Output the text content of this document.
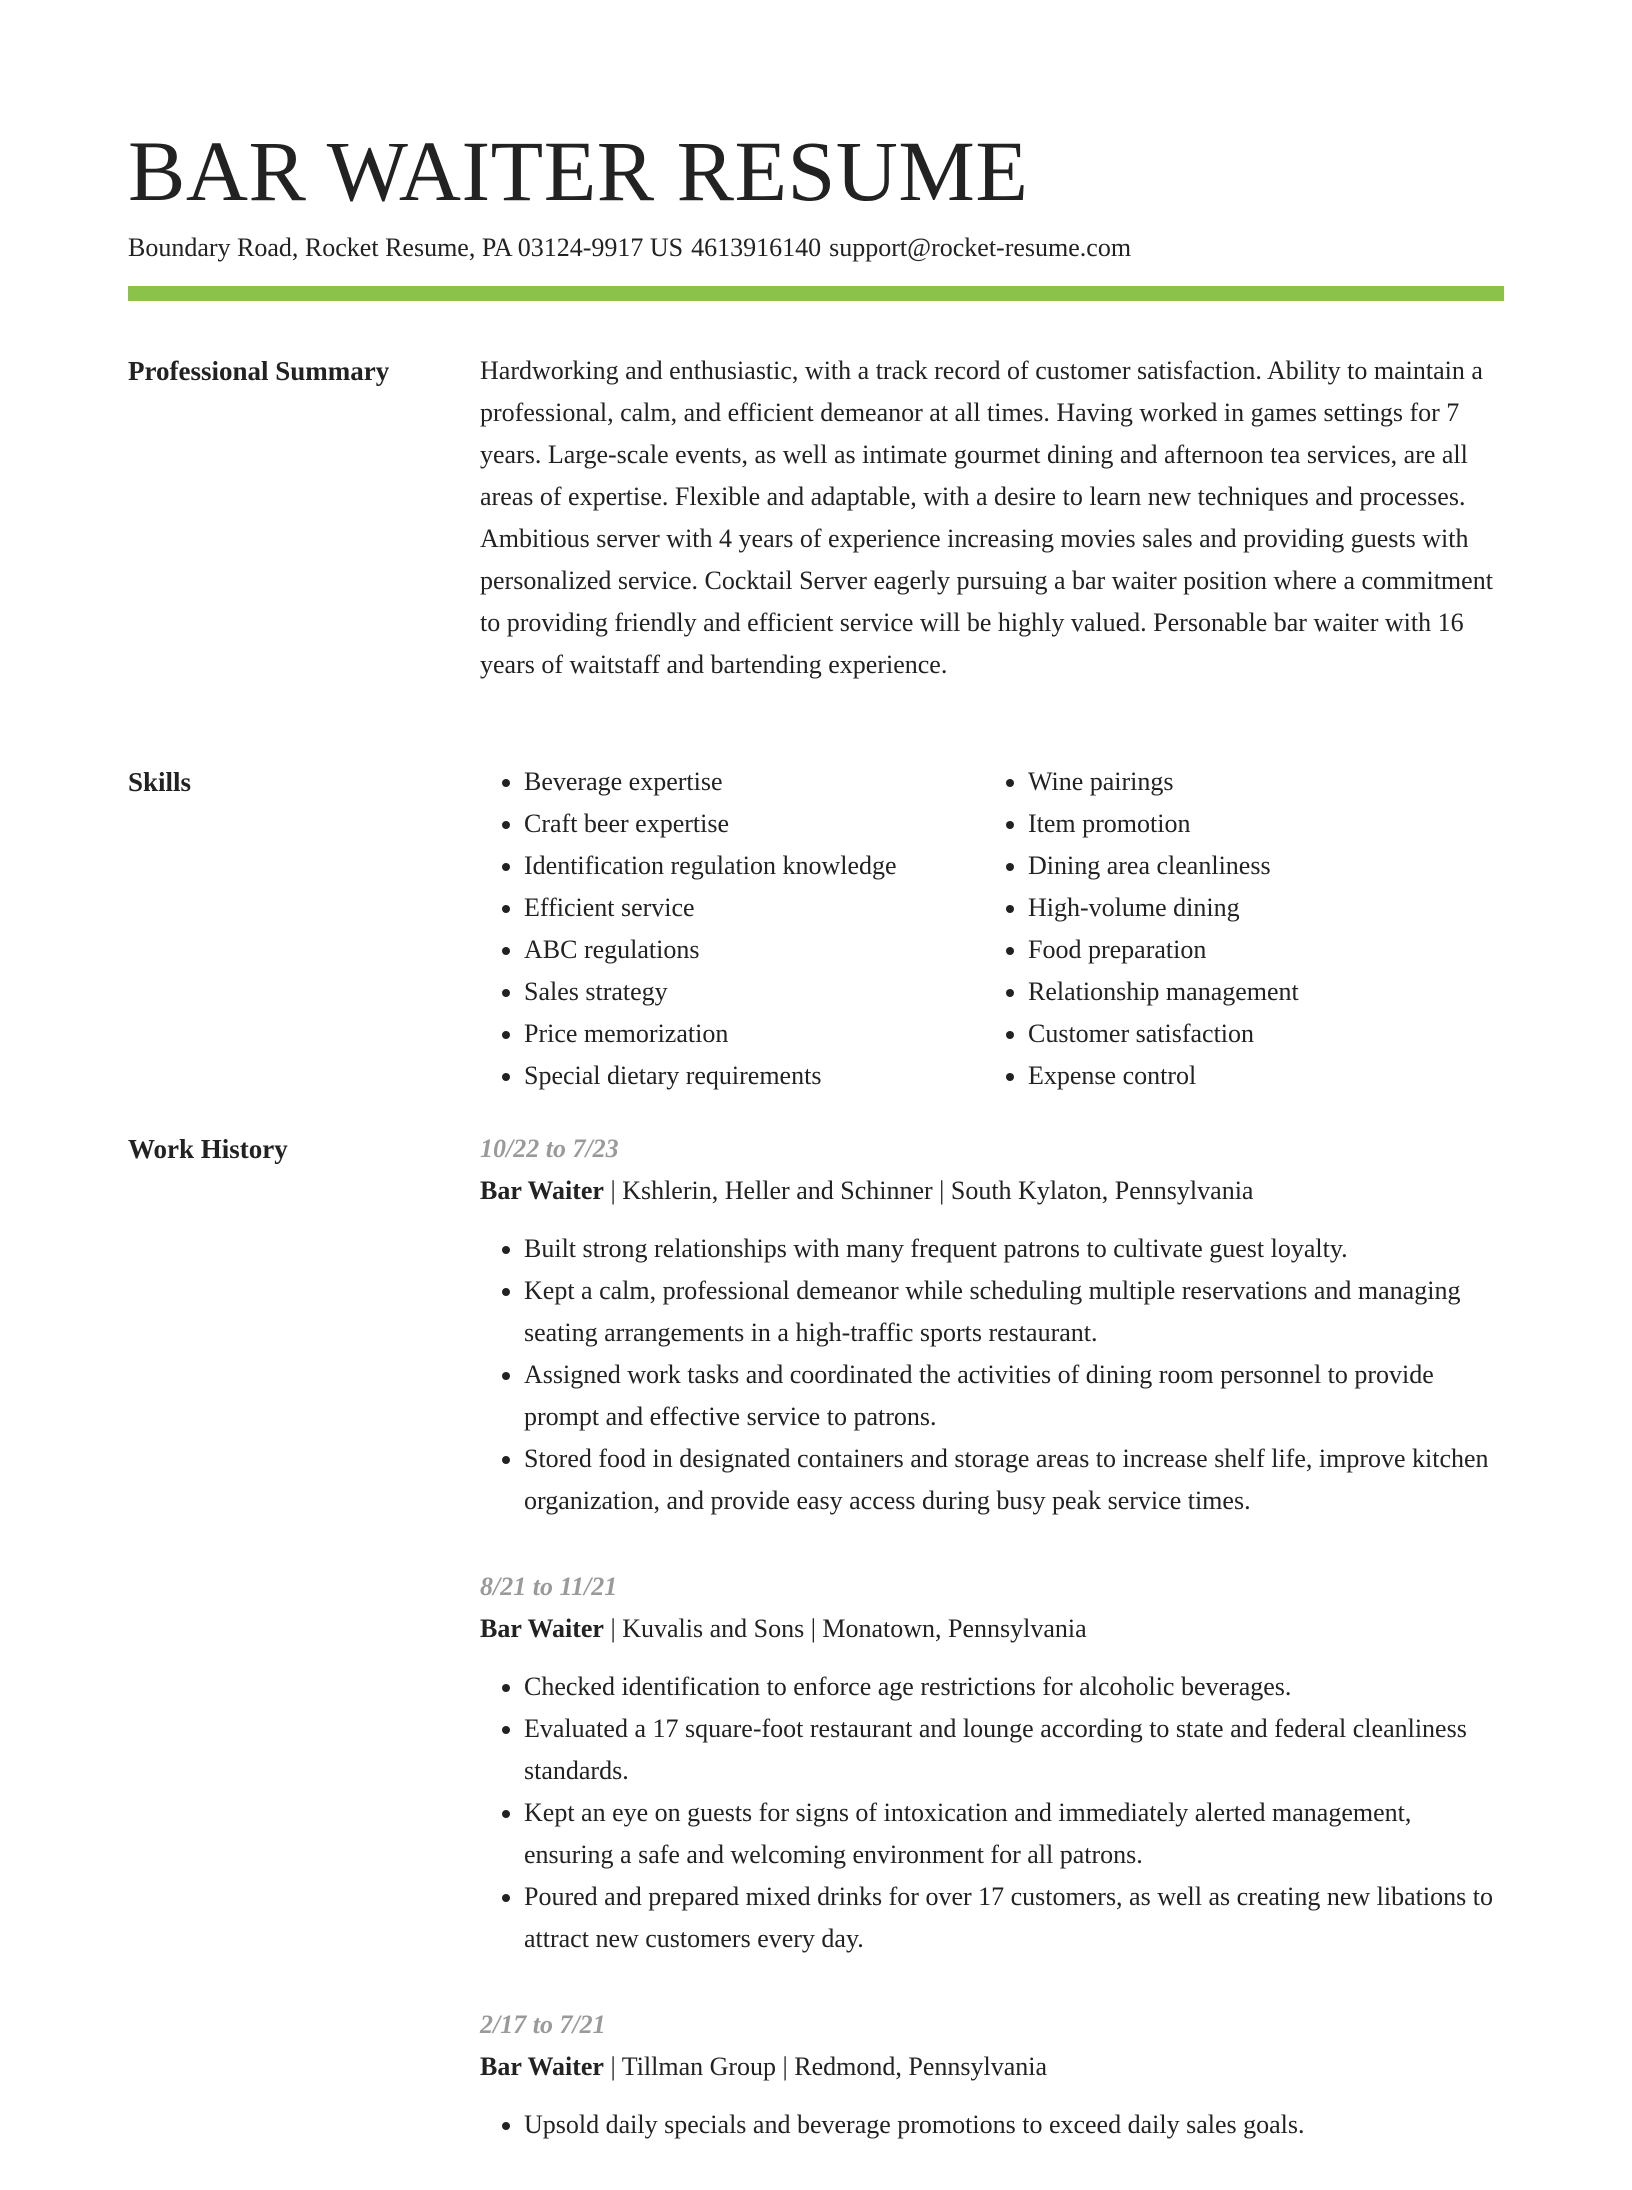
BAR WAITER RESUME
Boundary Road, Rocket Resume, PA 03124-9917 US 4613916140 support@rocket-resume.com
Professional Summary	Hardworking and enthusiastic, with a track record of customer satisfaction. Ability to maintain a professional, calm, and efficient demeanor at all times. Having worked in games settings for 7 years. Large-scale events, as well as intimate gourmet dining and afternoon tea services, are all areas of expertise. Flexible and adaptable, with a desire to learn new techniques and processes. Ambitious server with 4 years of experience increasing movies sales and providing guests with personalized service. Cocktail Server eagerly pursuing a bar waiter position where a commitment to providing friendly and efficient service will be highly valued. Personable bar waiter with 16 years of waitstaff and bartending experience.

Skills
•	Beverage expertise
• Craft beer expertise
• Identification regulation knowledge
• Efficient service
• ABC regulations
• Sales strategy
• Price memorization
• Special dietary requirements
• Wine pairings
• Item promotion
• Dining area cleanliness
• High-volume dining
• Food preparation
• Relationship management
• Customer satisfaction
• Expense control
Work History	10/22 to 7/23
Bar Waiter | Kshlerin, Heller and Schinner | South Kylaton, Pennsylvania
• Built strong relationships with many frequent patrons to cultivate guest loyalty.
• Kept a calm, professional demeanor while scheduling multiple reservations and managing seating arrangements in a high-traffic sports restaurant.
• Assigned work tasks and coordinated the activities of dining room personnel to provide prompt and effective service to patrons.
• Stored food in designated containers and storage areas to increase shelf life, improve kitchen organization, and provide easy access during busy peak service times.
8/21 to 11/21
Bar Waiter | Kuvalis and Sons | Monatown, Pennsylvania
• Checked identification to enforce age restrictions for alcoholic beverages.
• Evaluated a 17 square-foot restaurant and lounge according to state and federal cleanliness standards.
• Kept an eye on guests for signs of intoxication and immediately alerted management, ensuring a safe and welcoming environment for all patrons.
• Poured and prepared mixed drinks for over 17 customers, as well as creating new libations to attract new customers every day.
2/17 to 7/21
Bar Waiter | Tillman Group | Redmond, Pennsylvania
• Upsold daily specials and beverage promotions to exceed daily sales goals.
